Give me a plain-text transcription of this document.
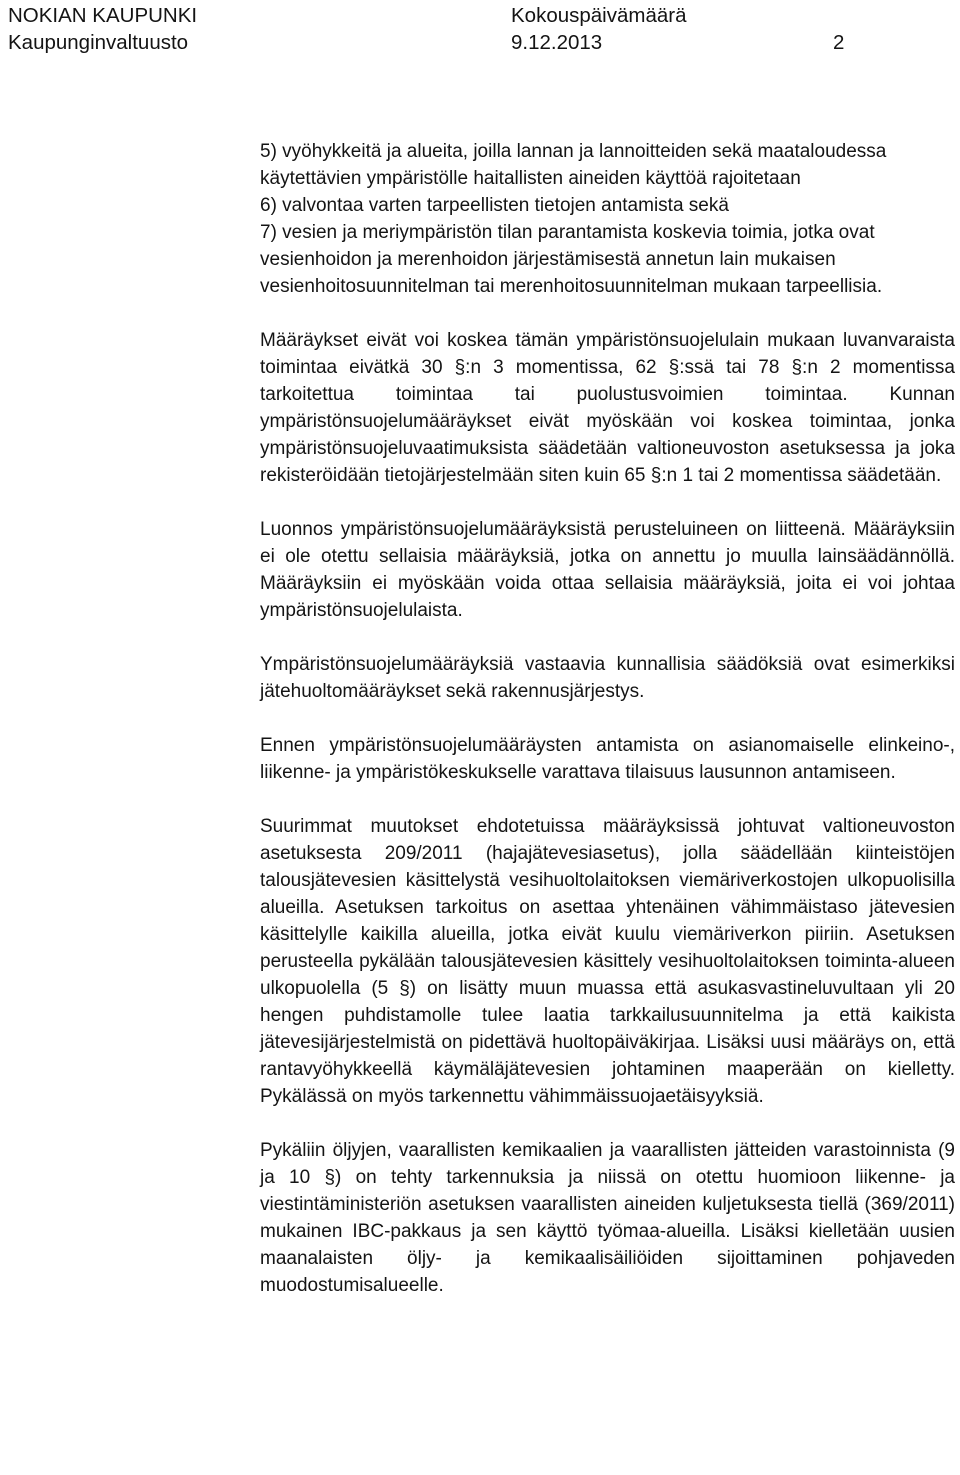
NOKIAN KAUPUNKI

Kaupunginvaltuusto

Kokouspäivämäärä

9.12.2013	2

5) vyöhykkeitä ja alueita, joilla lannan ja lannoitteiden sekä maataloudessa käytettävien ympäristölle haitallisten aineiden käyttöä rajoitetaan

6) valvontaa varten tarpeellisten tietojen antamista sekä

7) vesien ja meriympäristön tilan parantamista koskevia toimia, jotka ovat vesienhoidon ja merenhoidon järjestämisestä annetun lain mukaisen vesienhoitosuunnitelman tai merenhoitosuunnitelman mukaan tarpeellisia.

Määräykset eivät voi koskea tämän ympäristönsuojelulain mukaan luvanvaraista toimintaa eivätkä 30 §:n 3 momentissa, 62 §:ssä tai 78 §:n 2 momentissa tarkoitettua toimintaa tai puolustusvoimien toimintaa. Kunnan ympäristönsuojelumääräykset eivät myöskään voi koskea toimintaa, jonka ympäristönsuojeluvaatimuksista säädetään valtioneuvoston asetuksessa ja joka rekisteröidään tietojärjestelmään siten kuin 65 §:n 1 tai 2 momentissa säädetään.

Luonnos ympäristönsuojelumääräyksistä perusteluineen on liitteenä. Määräyksiin ei ole otettu sellaisia määräyksiä, jotka on annettu jo muulla lainsäädännöllä. Määräyksiin ei myöskään voida ottaa sellaisia määräyksiä, joita ei voi johtaa ympäristönsuojelulaista.

Ympäristönsuojelumääräyksiä vastaavia kunnallisia säädöksiä ovat esimerkiksi jätehuoltomääräykset sekä rakennusjärjestys.

Ennen ympäristönsuojelumääräysten antamista on asianomaiselle elinkeino-, liikenne- ja ympäristökeskukselle varattava tilaisuus lausunnon antamiseen.

Suurimmat muutokset ehdotetuissa määräyksissä johtuvat valtioneuvoston asetuksesta 209/2011 (hajajätevesiasetus), jolla säädellään kiinteistöjen talousjätevesien käsittelystä vesihuoltolaitoksen viemäriverkostojen ulkopuolisilla alueilla. Asetuksen tarkoitus on asettaa yhtenäinen vähimmäistaso jätevesien käsittelylle kaikilla alueilla, jotka eivät kuulu viemäriverkon piiriin. Asetuksen perusteella pykälään talousjätevesien käsittely vesihuoltolaitoksen toiminta-alueen ulkopuolella (5 §) on lisätty muun muassa että asukasvastineluvultaan yli 20 hengen puhdistamolle tulee laatia tarkkailusuunnitelma ja että kaikista jätevesijärjestelmistä on pidettävä huoltopäiväkirjaa. Lisäksi uusi määräys on, että rantavyöhykkeellä käymäläjätevesien johtaminen maaperään on kielletty. Pykälässä on myös tarkennettu vähimmäissuojaetäisyyksiä.

Pykäliin öljyjen, vaarallisten kemikaalien ja vaarallisten jätteiden varastoinnista (9 ja 10 §) on tehty tarkennuksia ja niissä on otettu huomioon liikenne- ja viestintäministeriön asetuksen vaarallisten aineiden kuljetuksesta tiellä (369/2011) mukainen IBC-pakkaus ja sen käyttö työmaa-alueilla. Lisäksi kielletään uusien maanalaisten öljy- ja kemikaalisäiliöiden sijoittaminen pohjaveden muodostumisalueelle.
